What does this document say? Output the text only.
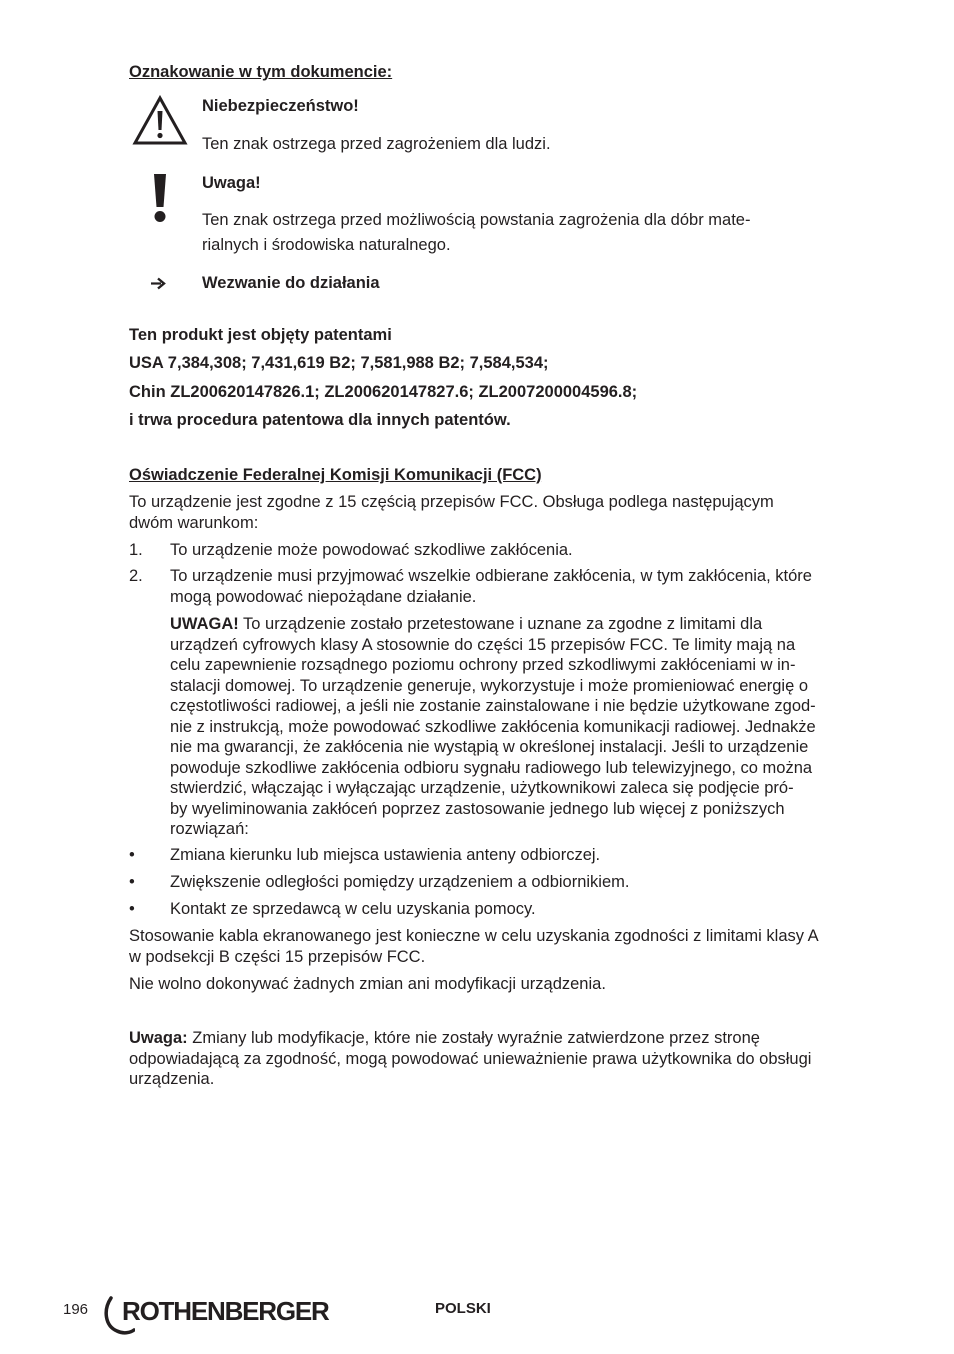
Oznakowanie w tym dokumencie:
Niebezpieczeństwo!
Ten znak ostrzega przed zagrożeniem dla ludzi.
Uwaga!
Ten znak ostrzega przed możliwością powstania zagrożenia dla dóbr mate-
rialnych i środowiska naturalnego.
Wezwanie do działania
Ten produkt jest objęty patentami
USA 7,384,308; 7,431,619 B2; 7,581,988 B2; 7,584,534;
Chin ZL200620147826.1; ZL200620147827.6; ZL2007200004596.8;
i trwa procedura patentowa dla innych patentów.
Oświadczenie Federalnej Komisji Komunikacji (FCC)
To urządzenie jest zgodne z 15 częścią przepisów FCC. Obsługa podlega następującym
dwóm warunkom:
1. To urządzenie może powodować szkodliwe zakłócenia.
2. To urządzenie musi przyjmować wszelkie odbierane zakłócenia, w tym zakłócenia, które
mogą powodować niepożądane działanie.
UWAGA! To urządzenie zostało przetestowane i uznane za zgodne z limitami dla
urządzeń cyfrowych klasy A stosownie do części 15 przepisów FCC. Te limity mają na
celu zapewnienie rozsądnego poziomu ochrony przed szkodliwymi zakłóceniami w in-
stalacji domowej. To urządzenie generuje, wykorzystuje i może promieniować energię o
częstotliwości radiowej, a jeśli nie zostanie zainstalowane i nie będzie użytkowane zgod-
nie z instrukcją, może powodować szkodliwe zakłócenia komunikacji radiowej. Jednakże
nie ma gwarancji, że zakłócenia nie wystąpią w określonej instalacji. Jeśli to urządzenie
powoduje szkodliwe zakłócenia odbioru sygnału radiowego lub telewizyjnego, co można
stwierdzić, włączając i wyłączając urządzenie, użytkownikowi zaleca się podjęcie pró-
by wyeliminowania zakłóceń poprzez zastosowanie jednego lub więcej z poniższych
rozwiązań:
• Zmiana kierunku lub miejsca ustawienia anteny odbiorczej.
• Zwiększenie odległości pomiędzy urządzeniem a odbiornikiem.
• Kontakt ze sprzedawcą w celu uzyskania pomocy.
Stosowanie kabla ekranowanego jest konieczne w celu uzyskania zgodności z limitami klasy A
w podsekcji B części 15 przepisów FCC.
Nie wolno dokonywać żadnych zmian ani modyfikacji urządzenia.
Uwaga: Zmiany lub modyfikacje, które nie zostały wyraźnie zatwierdzone przez stronę
odpowiadającą za zgodność, mogą powodować unieważnienie prawa użytkownika do obsługi
urządzenia.
196 ROTHENBERGER	POLSKI
